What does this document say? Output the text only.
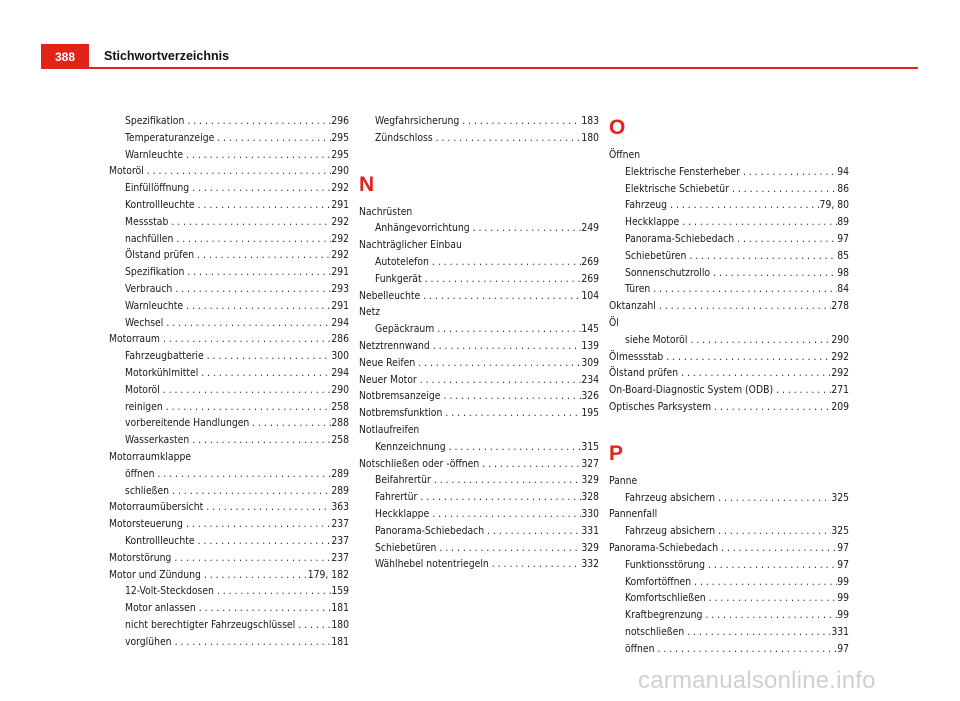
388 Stichwortverzeichnis
Spezifikation . . .	296
Temperaturanzeige . . .	295
Warnleuchte . . .	295
Motoröl . . .	290
Einfüllöffnung . . .	292
Kontrollleuchte . . .	291
Messstab . . .	292
nachfüllen . . .	292
Ölstand prüfen . . .	292
Spezifikation . . .	291
Verbrauch . . .	293
Warnleuchte . . .	291
Wechsel . . .	294
Motorraum . . .	286
Fahrzeugbatterie . . .	300
Motorkühlmittel . . .	294
Motoröl . . .	290
reinigen . . .	258
vorbereitende Handlungen . . .	288
Wasserkasten . . .	258
Motorraumklappe
öffnen . . .	289
schließen . . .	289
Motorraumübersicht . . .	363
Motorsteuerung . . .	237
Kontrollleuchte . . .	237
Motorstörung . . .	237
Motor und Zündung . . .	179, 182
12-Volt-Steckdosen . . .	159
Motor anlassen . . .	181
nicht berechtigter Fahrzeugschlüssel . . .	180
vorglühen . . .	181
Wegfahrsicherung . . .	183
Zündschloss . . .	180
N
Nachrüsten
Anhängevorrichtung . . .	249
Nachträglicher Einbau
Autotelefon . . .	269
Funkgerät . . .	269
Nebelleuchte . . .	104
Netz
Gepäckraum . . .	145
Netztrennwand . . .	139
Neue Reifen . . .	309
Neuer Motor . . .	234
Notbremsanzeige . . .	326
Notbremsfunktion . . .	195
Notlaufreifen
Kennzeichnung . . .	315
Notschließen oder -öffnen . . .	327
Beifahrertür . . .	329
Fahrertür . . .	328
Heckklappe . . .	330
Panorama-Schiebedach . . .	331
Schiebetüren . . .	329
Wählhebel notentriegeln . . .	332
O
Öffnen
Elektrische Fensterheber . . .	94
Elektrische Schiebetür . . .	86
Fahrzeug . . .	79, 80
Heckklappe . . .	89
Panorama-Schiebedach . . .	97
Schiebetüren . . .	85
Sonnenschutzrollo . . .	98
Türen . . .	84
Oktanzahl . . .	278
Öl
siehe Motoröl . . .	290
Ölmessstab . . .	292
Ölstand prüfen . . .	292
On-Board-Diagnostic System (ODB) . . .	271
Optisches Parksystem . . .	209
P
Panne
Fahrzeug absichern . . .	325
Pannenfall
Fahrzeug absichern . . .	325
Panorama-Schiebedach . . .	97
Funktionsstörung . . .	97
Komfortöffnen . . .	99
Komfortschließen . . .	99
Kraftbegrenzung . . .	99
notschließen . . .	331
öffnen . . .	97
carmanualsonline.info
